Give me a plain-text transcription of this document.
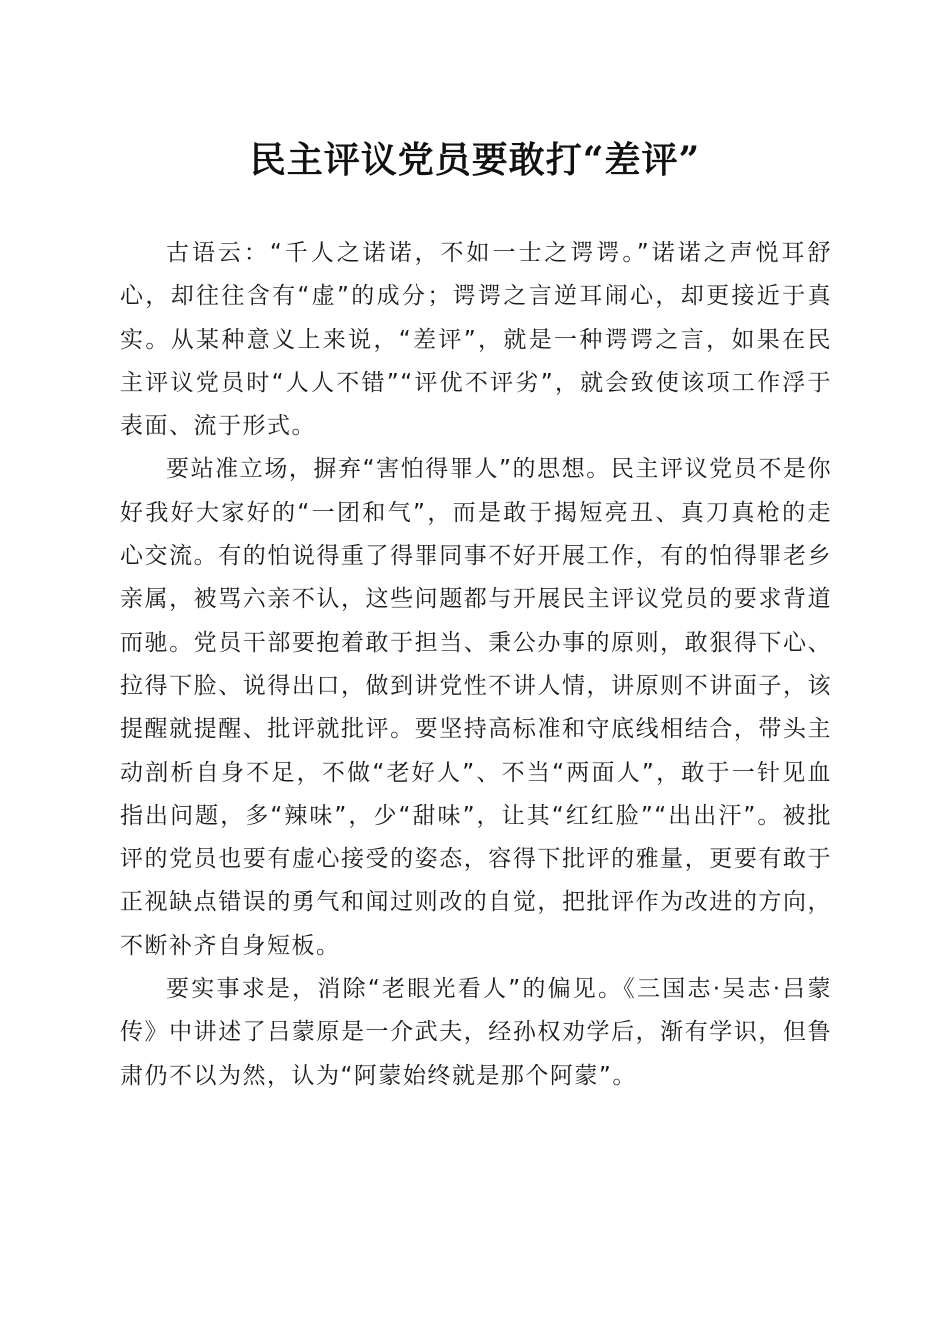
民主评议党员要敢打“差评”

古语云：“千人之诺诺，不如一士之谔谔。”诺诺之声悦耳舒心，却往往含有“虚”的成分；谔谔之言逆耳闹心，却更接近于真实。从某种意义上来说，“差评”，就是一种谔谔之言，如果在民主评议党员时“人人不错”“评优不评劣”，就会致使该项工作浮于表面、流于形式。

要站准立场，摒弃“害怕得罪人”的思想。民主评议党员不是你好我好大家好的“一团和气”，而是敢于揭短亮丑、真刀真枪的走心交流。有的怕说得重了得罪同事不好开展工作，有的怕得罪老乡亲属，被骂六亲不认，这些问题都与开展民主评议党员的要求背道而驰。党员干部要抱着敢于担当、秉公办事的原则，敢狠得下心、拉得下脸、说得出口，做到讲党性不讲人情，讲原则不讲面子，该提醒就提醒、批评就批评。要坚持高标准和守底线相结合，带头主动剖析自身不足，不做“老好人”、不当“两面人”，敢于一针见血指出问题，多“辣味”，少“甜味”，让其“红红脸”“出出汗”。被批评的党员也要有虚心接受的姿态，容得下批评的雅量，更要有敢于正视缺点错误的勇气和闻过则改的自觉，把批评作为改进的方向，不断补齐自身短板。

要实事求是，消除“老眼光看人”的偏见。《三国志·吴志·吕蒙传》中讲述了吕蒙原是一介武夫，经孙权劝学后，渐有学识，但鲁肃仍不以为然，认为“阿蒙始终就是那个阿蒙”。
